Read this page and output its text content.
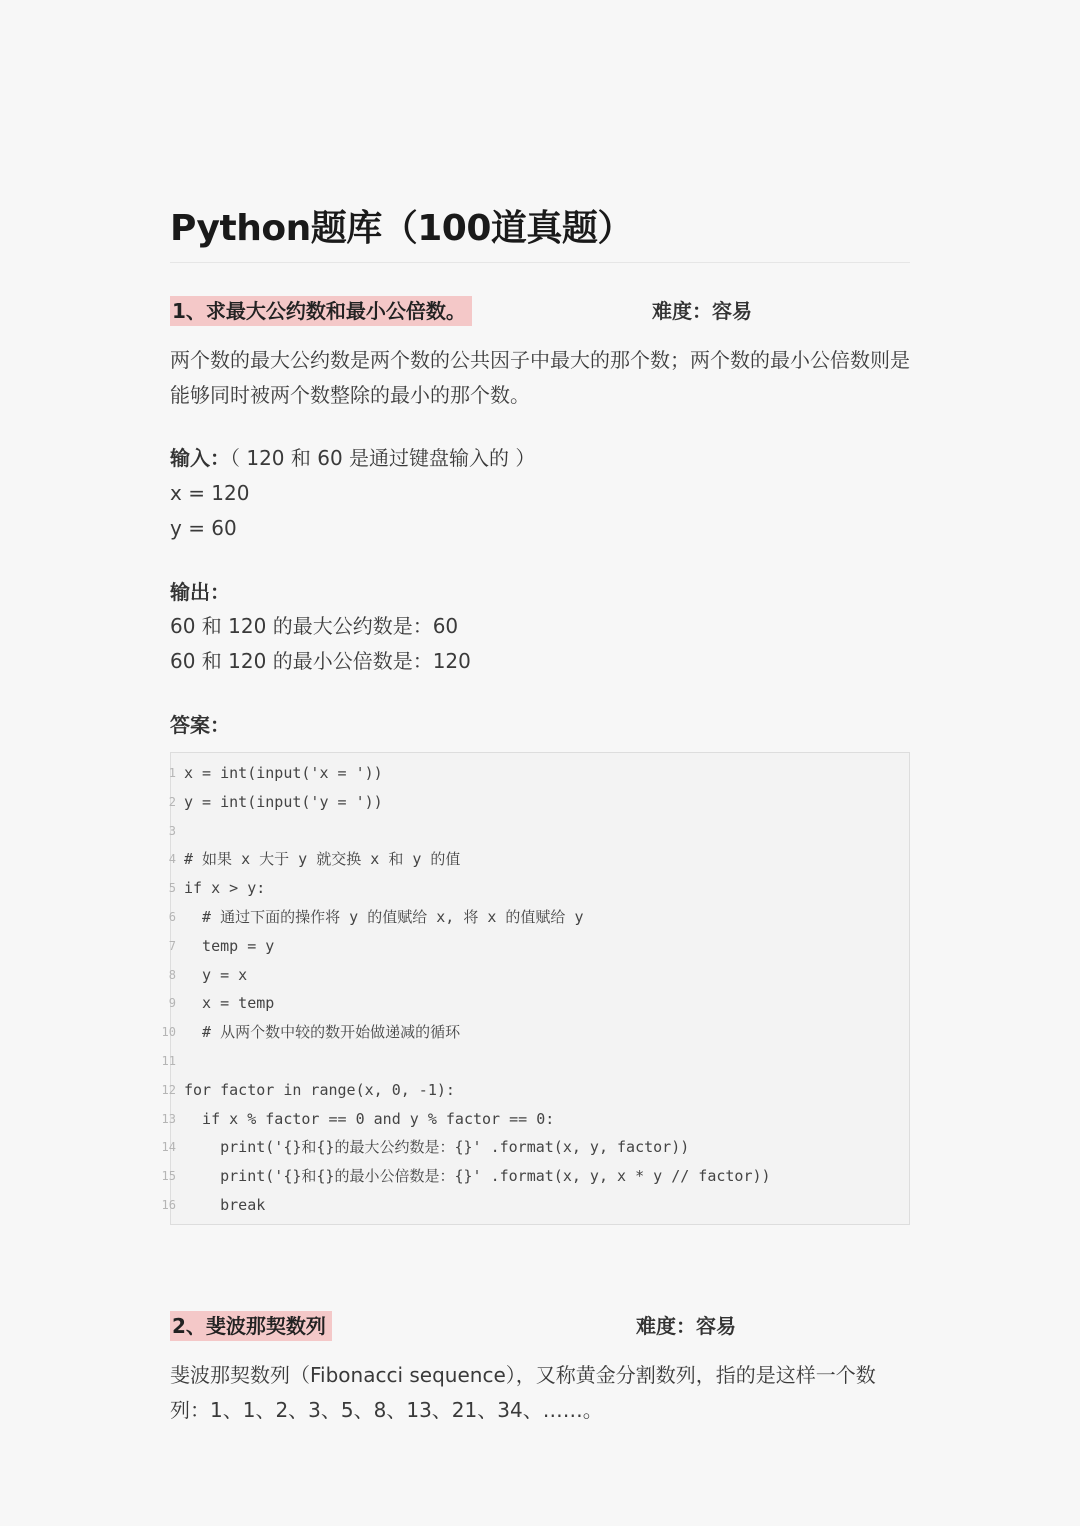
Python题库（100道真题）
1、求最大公约数和最小公倍数。	难度：容易
两个数的最大公约数是两个数的公共因子中最大的那个数；两个数的最小公倍数则是能够同时被两个数整除的最小的那个数。
输入：（ 120 和 60 是通过键盘输入的 ）
x = 120
y = 60
输出：
60 和 120 的最大公约数是：60
60 和 120 的最小公倍数是：120
答案：
1 x = int(input('x = '))
2 y = int(input('y = '))
3
4 # 如果 x 大于 y 就交换 x 和 y 的值
5 if x > y:
6 # 通过下面的操作将 y 的值赋给 x, 将 x 的值赋给 y
7 temp = y
8 y = x
9 x = temp
10 # 从两个数中较的数开始做递减的循环
11
12 for factor in range(x, 0, -1):
13 if x % factor == 0 and y % factor == 0:
14 print('{}和{}的最大公约数是：{}' .format(x, y, factor))
15 print('{}和{}的最小公倍数是：{}' .format(x, y, x * y // factor))
16 break
2、斐波那契数列	难度：容易
斐波那契数列（Fibonacci sequence），又称黄金分割数列，指的是这样一个数列：1、1、2、3、5、8、13、21、34、……。
